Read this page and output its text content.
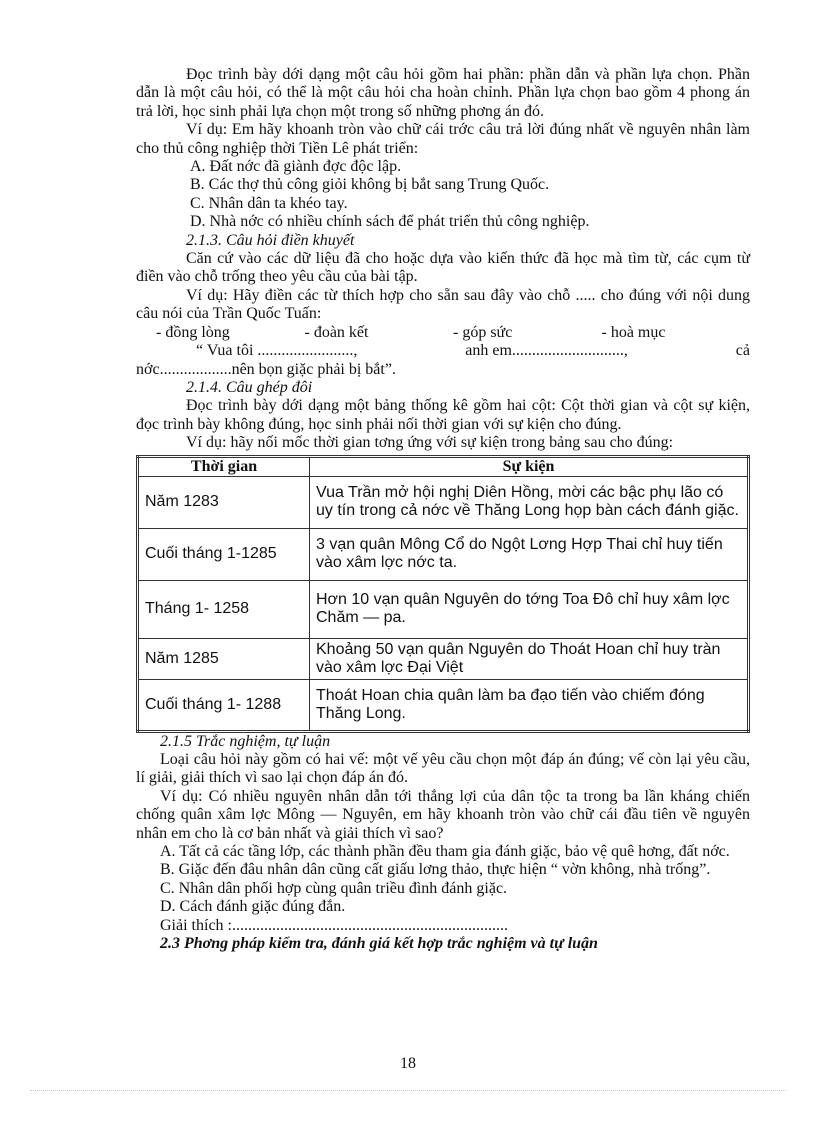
Đọc trình bày dới dạng một câu hỏi gồm hai phần: phần dẫn và phần lựa chọn. Phần dẫn là một câu hỏi, có thể là một câu hỏi cha hoàn chỉnh. Phần lựa chọn bao gồm 4 phong án trả lời, học sinh phải lựa chọn một trong số những phơng án đó.

Ví dụ: Em hãy khoanh tròn vào chữ cái trớc câu trả lời đúng nhất về nguyên nhân làm cho thủ công nghiệp thời Tiền Lê phát triển:

A. Đất nớc đã giành đợc độc lập.

B. Các thợ thủ công giỏi không bị bắt sang Trung Quốc.

C. Nhân dân ta khéo tay.

D. Nhà nớc có nhiều chính sách để phát triển thủ công nghiệp.

2.1.3. Câu hỏi điền khuyết

Căn cứ vào các dữ liệu đã cho hoặc dựa vào kiến thức đã học mà tìm từ, các cụm từ điền vào chỗ trống theo yêu cầu của bài tập.

Ví dụ: Hãy điền các từ thích hợp cho sẵn sau đây vào chỗ ..... cho đúng với nội dung câu nói của Trần Quốc Tuấn:

- đồng lòng	- đoàn kết	- góp sức	- hoà mục
“ Vua tôi ........................,	anh em............................,	cả

nớc..................nên bọn giặc phải bị bắt”.

2.1.4. Câu ghép đôi

Đọc trình bày dới dạng một bảng thống kê gồm hai cột: Cột thời gian và cột sự kiện, đọc trình bày không đúng, học sinh phải nối thời gian với sự kiện cho đúng.

Ví dụ: hãy nối mốc thời gian tơng ứng với sự kiện trong bảng sau cho đúng:

Thời gian	Sự kiện
Năm 1283	Vua Trần mở hội nghị Diên Hồng, mời các bậc phụ lão có uy tín trong cả nớc về Thăng Long họp bàn cách đánh giặc.
Cuối tháng 1-1285	3 vạn quân Mông Cổ do Ngột Lơng Hợp Thai chỉ huy tiến vào xâm lợc nớc ta.
Tháng 1- 1258	Hơn 10 vạn quân Nguyên do tớng Toa Đô chỉ huy xâm lợc Chăm — pa.
Năm 1285	Khoảng 50 vạn quân Nguyên do Thoát Hoan chỉ huy tràn vào xâm lợc Đại Việt
Cuối tháng 1- 1288	Thoát Hoan chia quân làm ba đạo tiến vào chiếm đóng Thăng Long.

2.1.5 Trắc nghiệm, tự luận

Loại câu hỏi này gồm có hai vế: một vế yêu cầu chọn một đáp án đúng; vế còn lại yêu cầu, lí giải, giải thích vì sao lại chọn đáp án đó.

Ví dụ: Có nhiều nguyên nhân dẫn tới thắng lợi của dân tộc ta trong ba lần kháng chiến chống quân xâm lợc Mông — Nguyên, em hãy khoanh tròn vào chữ cái đầu tiên về nguyên nhân em cho là cơ bản nhất và giải thích vì sao?

A. Tất cả các tầng lớp, các thành phần đều tham gia đánh giặc, bảo vệ quê hơng, đất nớc.

B. Giặc đến đâu nhân dân cũng cất giấu lơng thảo, thực hiện “ vờn không, nhà trống”.

C. Nhân dân phối hợp cùng quân triều đình đánh giặc.

D. Cách đánh giặc đúng đắn.

Giải thích :.....................................................................

2.3 Phơng pháp kiểm tra, đánh giá kết hợp trắc nghiệm và tự luận

18
